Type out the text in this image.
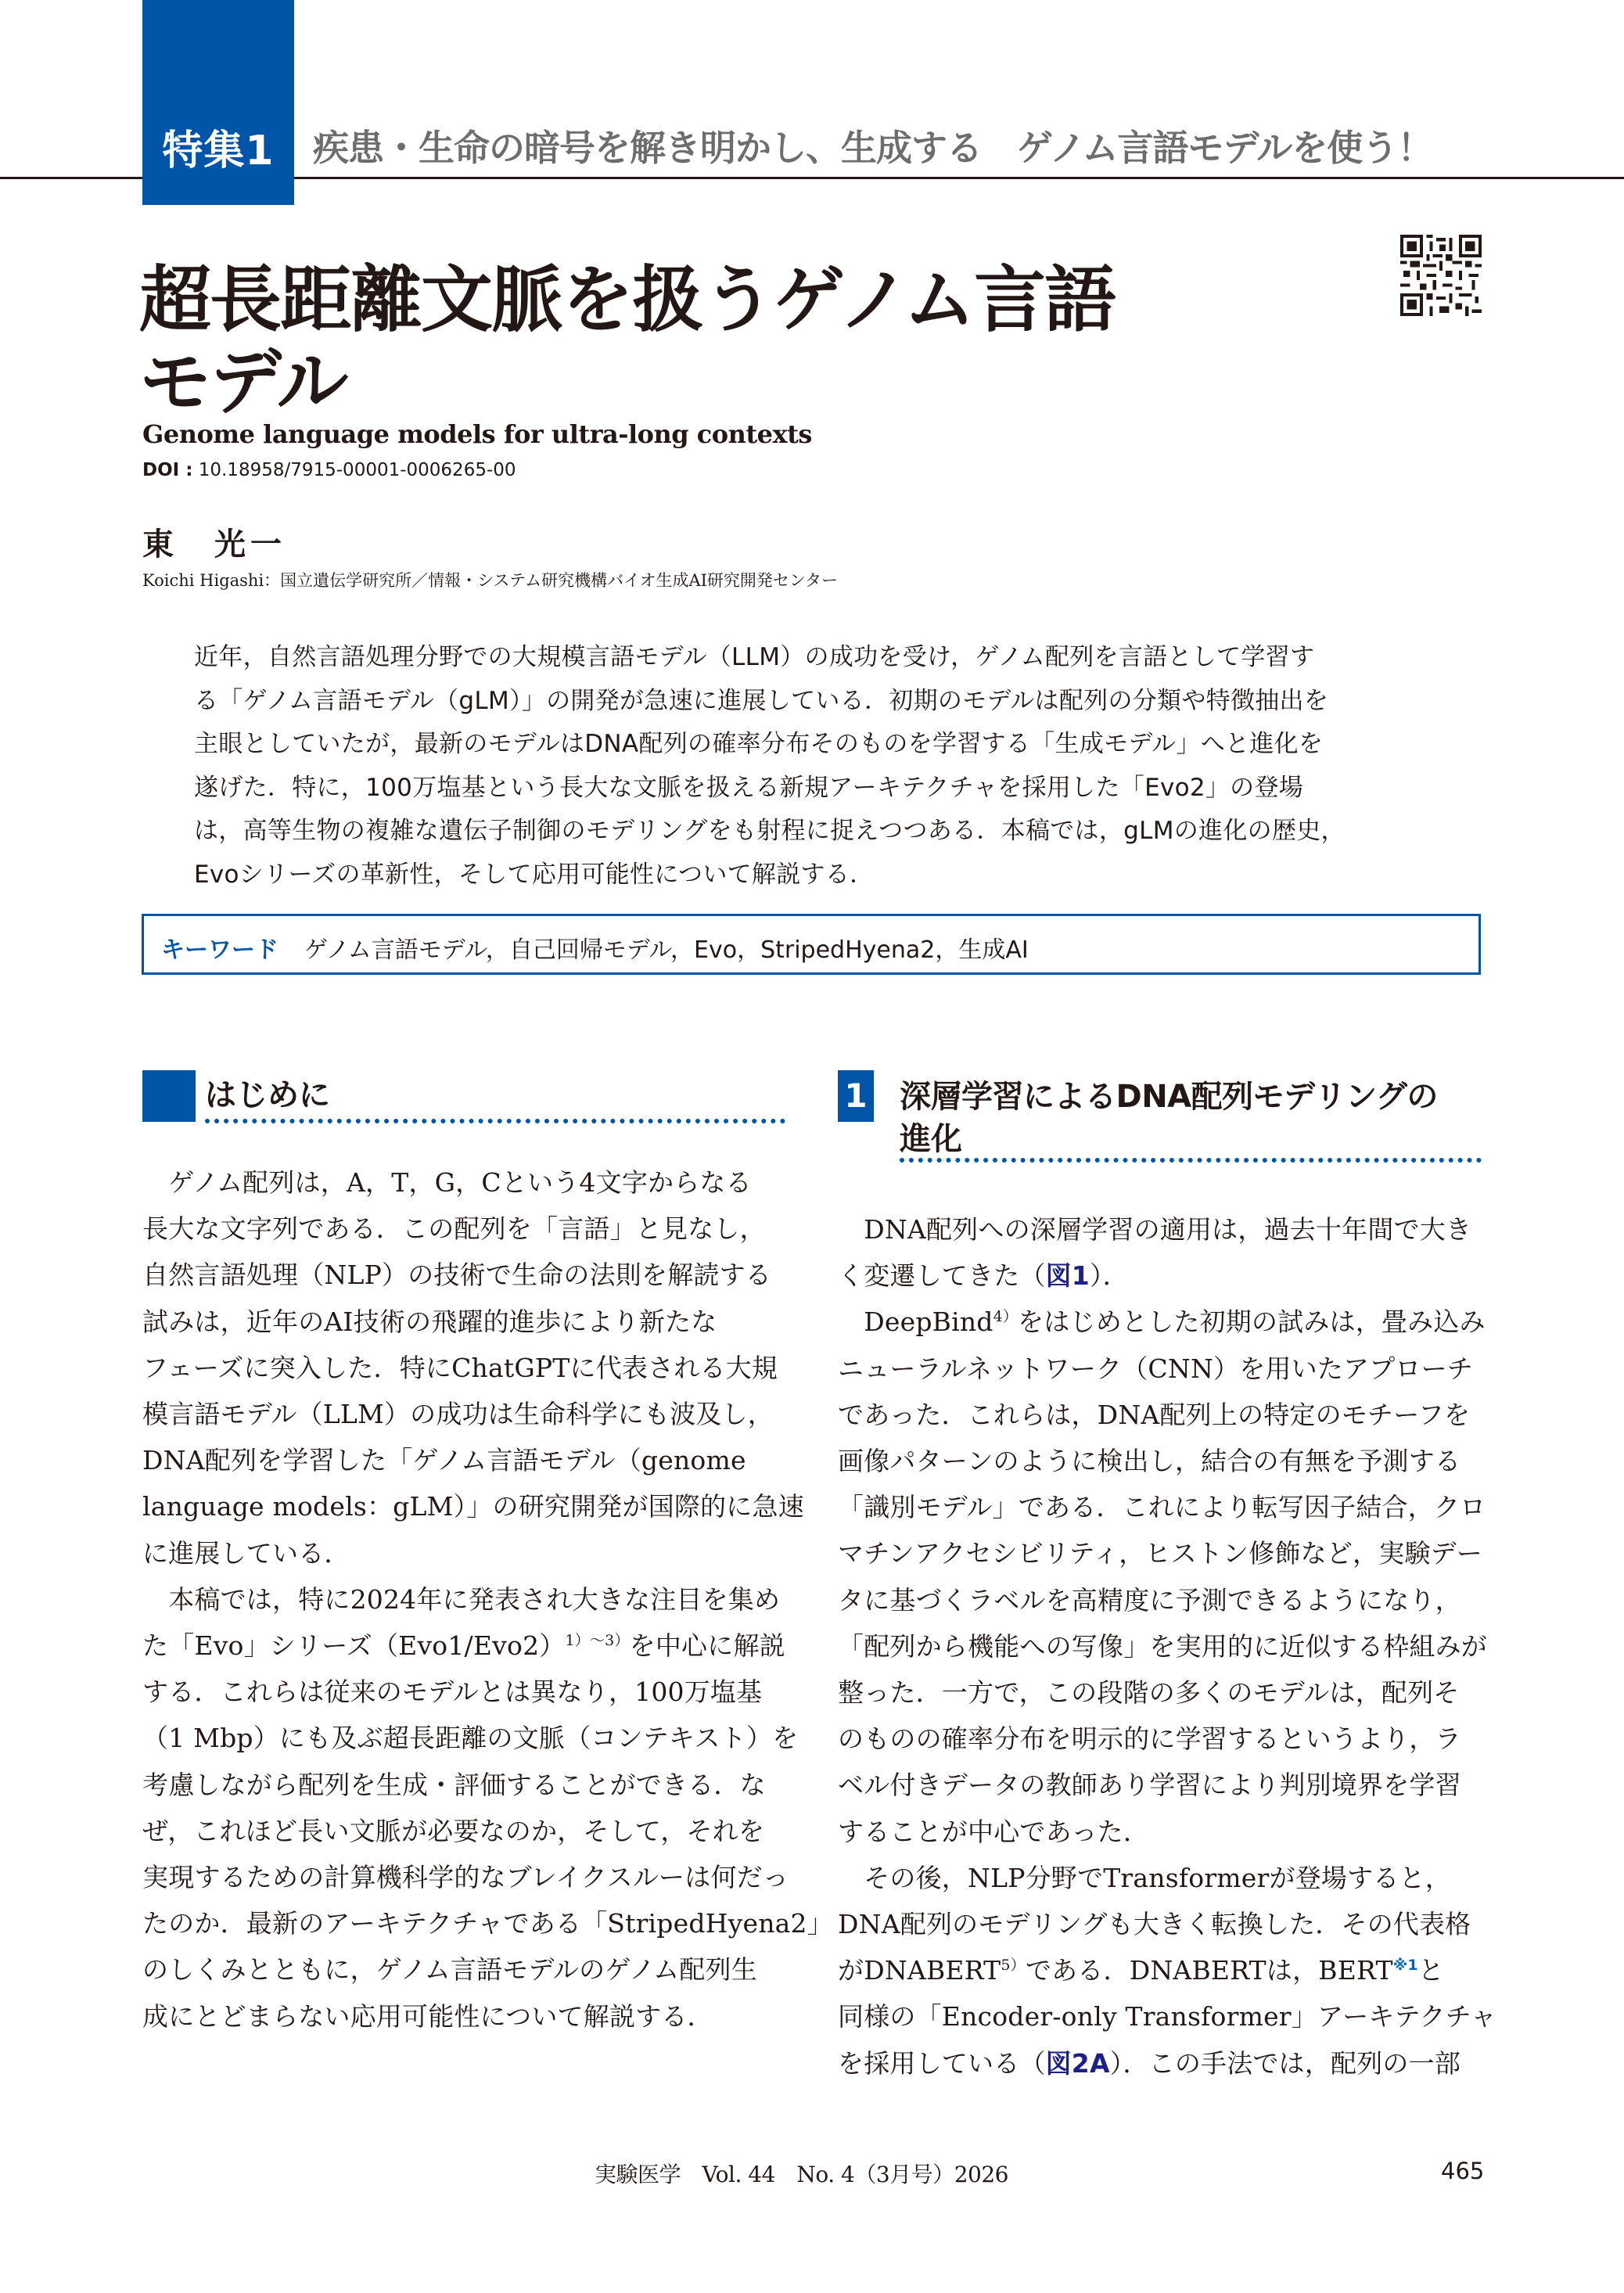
特集1	疾患・生命の暗号を解き明かし、生成する　ゲノム言語モデルを使う！
超長距離文脈を扱うゲノム言語
モデル
Genome language models for ultra-long contexts
DOI : 10.18958/7915-00001-0006265-00
東　光一
Koichi Higashi：国立遺伝学研究所／情報・システム研究機構バイオ生成AI研究開発センター
近年，自然言語処理分野での大規模言語モデル（LLM）の成功を受け，ゲノム配列を言語として学習す
る「ゲノム言語モデル（gLM）」の開発が急速に進展している．初期のモデルは配列の分類や特徴抽出を
主眼としていたが，最新のモデルはDNA配列の確率分布そのものを学習する「生成モデル」へと進化を
遂げた．特に，100万塩基という長大な文脈を扱える新規アーキテクチャを採用した「Evo2」の登場
は，高等生物の複雑な遺伝子制御のモデリングをも射程に捉えつつある．本稿では，gLMの進化の歴史，
Evoシリーズの革新性，そして応用可能性について解説する．
キーワード ゲノム言語モデル，自己回帰モデル，Evo，StripedHyena2，生成AI
はじめに
　ゲノム配列は，A，T，G，Cという4文字からなる
長大な文字列である．この配列を「言語」と見なし，
自然言語処理（NLP）の技術で生命の法則を解読する
試みは，近年のAI技術の飛躍的進歩により新たな
フェーズに突入した．特にChatGPTに代表される大規
模言語モデル（LLM）の成功は生命科学にも波及し，
DNA配列を学習した「ゲノム言語モデル（genome
language models：gLM）」の研究開発が国際的に急速
に進展している．
　本稿では，特に2024年に発表され大きな注目を集め
た「Evo」シリーズ$(Evo1/Evo2)^{1)\sim 3)}$を中心に解説
する．これらは従来のモデルとは異なり，100万塩基
（1 Mbp）にも及ぶ超長距離の文脈（コンテキスト）を
考慮しながら配列を生成・評価することができる．な
ぜ，これほど長い文脈が必要なのか，そして，それを
実現するための計算機科学的なブレイクスルーは何だっ
たのか．最新のアーキテクチャである「StripedHyena2」
のしくみとともに，ゲノム言語モデルのゲノム配列生
成にとどまらない応用可能性について解説する．
1 深層学習によるDNA配列モデリングの
進化
　DNA配列への深層学習の適用は，過去十年間で大き
く変遷してきた（図1）．
　DeepBind$^{4)}$をはじめとした初期の試みは，畳み込み
ニューラルネットワーク（CNN）を用いたアプローチ
であった．これらは，DNA配列上の特定のモチーフを
画像パターンのように検出し，結合の有無を予測する
「識別モデル」である．これにより転写因子結合，クロ
マチンアクセシビリティ，ヒストン修飾など，実験デー
タに基づくラベルを高精度に予測できるようになり，
「配列から機能への写像」を実用的に近似する枠組みが
整った．一方で，この段階の多くのモデルは，配列そ
のものの確率分布を明示的に学習するというより，ラ
ベル付きデータの教師あり学習により判別境界を学習
することが中心であった．
　その後，NLP分野でTransformerが登場すると，
DNA配列のモデリングも大きく転換した．その代表格
が$DNABERT^{5)}$である．DNABERTは，BERT$^{※1}$と
同様の「Encoder-only Transformer」アーキテクチャ
を採用している（図2A）．この手法では，配列の一部
実験医学　Vol. 44　No. 4（3月号）2026	465
